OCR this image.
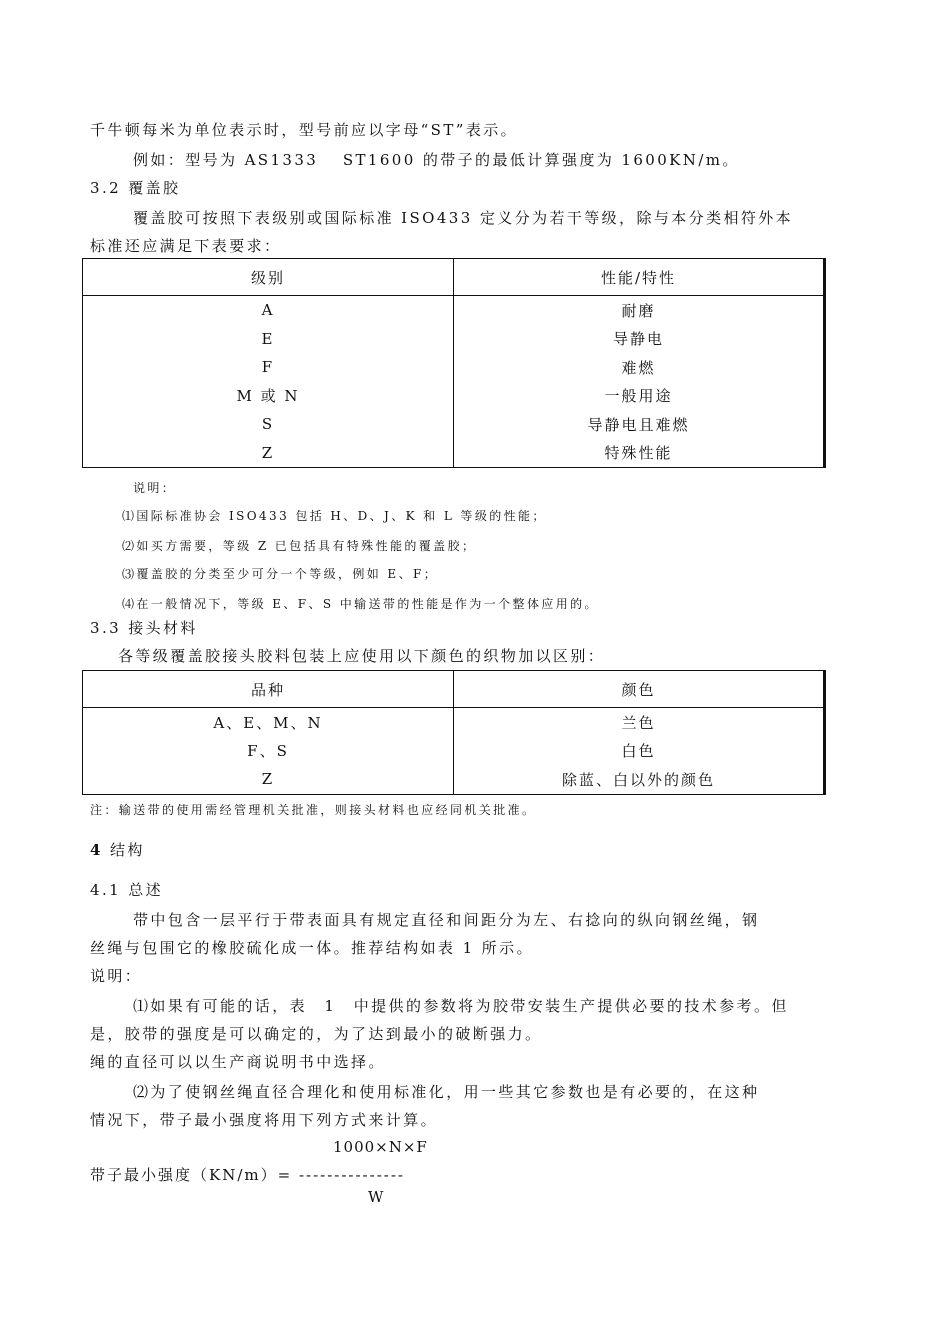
千牛顿每米为单位表示时，型号前应以字母“ST”表示。
例如：型号为 AS1333　 ST1600 的带子的最低计算强度为 1600KN/m。
3.2 覆盖胶
覆盖胶可按照下表级别或国际标准 ISO433 定义分为若干等级，除与本分类相符外本
标准还应满足下表要求：
级别	性能/特性
A	耐磨
E	导静电
F	难燃
M 或 N	一般用途
S	导静电且难燃
Z	特殊性能
说明：
⑴国际标准协会 ISO433 包括 H、D、J、K 和 L 等级的性能；
⑵如买方需要，等级 Z 已包括具有特殊性能的覆盖胶；
⑶覆盖胶的分类至少可分一个等级，例如 E、F；
⑷在一般情况下，等级 E、F、S 中输送带的性能是作为一个整体应用的。
3.3 接头材料
各等级覆盖胶接头胶料包装上应使用以下颜色的织物加以区别：
品种	颜色
A、E、M、N	兰色
F、S	白色
Z	除蓝、白以外的颜色
注：输送带的使用需经管理机关批准，则接头材料也应经同机关批准。
4 结构
4.1 总述
带中包含一层平行于带表面具有规定直径和间距分为左、右捻向的纵向钢丝绳，钢
丝绳与包围它的橡胶硫化成一体。推荐结构如表 1 所示。
说明：
⑴如果有可能的话，表　1　中提供的参数将为胶带安装生产提供必要的技术参考。但
是，胶带的强度是可以确定的，为了达到最小的破断强力。
绳的直径可以以生产商说明书中选择。
⑵为了使钢丝绳直径合理化和使用标准化，用一些其它参数也是有必要的，在这种
情况下，带子最小强度将用下列方式来计算。
1000×N×F
带子最小强度（KN/m）= ---------------
W
